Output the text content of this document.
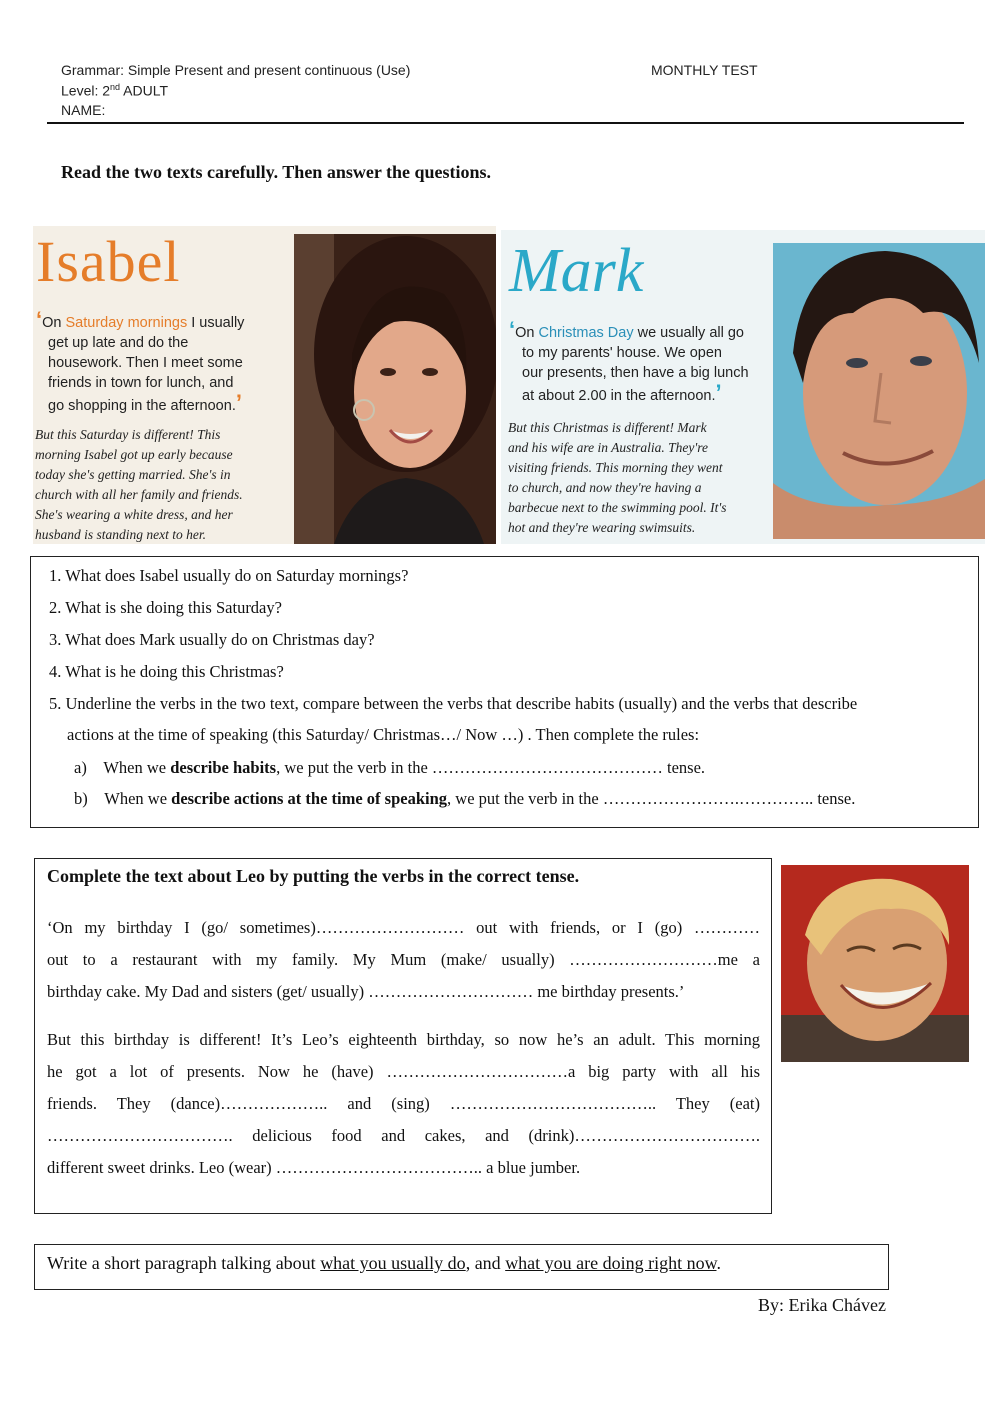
Grammar: Simple Present and present continuous (Use)	MONTHLY TEST
Level: 2nd ADULT
NAME:
Read the two texts carefully. Then answer the questions.
Isabel
‘On Saturday mornings I usually
get up late and do the
housework. Then I meet some
friends in town for lunch, and
go shopping in the afternoon.’
But this Saturday is different! This
morning Isabel got up early because
today she's getting married. She's in
church with all her family and friends.
She's wearing a white dress, and her
husband is standing next to her.
Mark
‘On Christmas Day we usually all go
to my parents' house. We open
our presents, then have a big lunch
at about 2.00 in the afternoon.’
But this Christmas is different! Mark
and his wife are in Australia. They're
visiting friends. This morning they went
to church, and now they're having a
barbecue next to the swimming pool. It's
hot and they're wearing swimsuits.
1. What does Isabel usually do on Saturday mornings?
2. What is she doing this Saturday?
3. What does Mark usually do on Christmas day?
4. What is he doing this Christmas?
5. Underline the verbs in the two text, compare between the verbs that describe habits (usually) and the verbs that describe
actions at the time of speaking (this Saturday/ Christmas…/ Now …) . Then complete the rules:
a)    When we describe habits, we put the verb in the …………………………………… tense.
b)    When we describe actions at the time of speaking, we put the verb in the …………………….………….. tense.
Complete the text about Leo by putting the verbs in the correct tense.
‘On my birthday I (go/ sometimes)……………………… out with friends, or I (go) …………
out to a restaurant with my family. My Mum (make/ usually) ………………………me a
birthday cake. My Dad and sisters (get/ usually) ………………………… me birthday presents.’
But this birthday is different! It’s Leo’s eighteenth birthday, so now he’s an adult. This morning
he got a lot of presents. Now he (have) ……………………………a big party with all his
friends. They (dance)……………….. and (sing) ……………………………….. They (eat)
……………………………. delicious food and cakes, and (drink)…………………………….
different sweet drinks. Leo (wear) ……………………………….. a blue jumber.
Write a short paragraph talking about what you usually do, and what you are doing right now.
By: Erika Chávez
